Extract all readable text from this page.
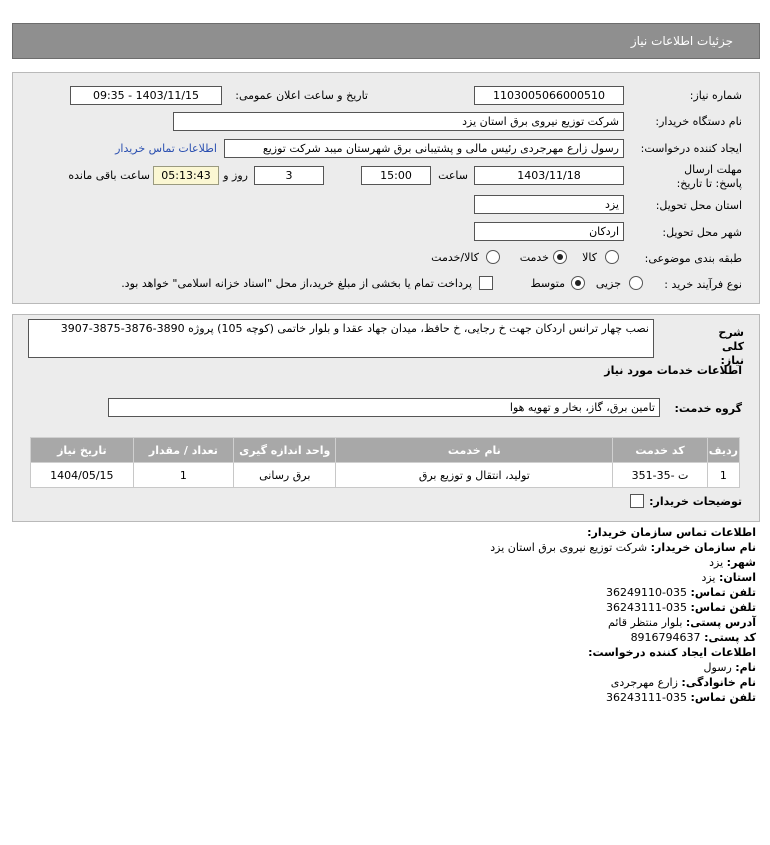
جزئیات اطلاعات نیاز
شماره نیاز:
1103005066000510
تاریخ و ساعت اعلان عمومی:
1403/11/15 - 09:35
نام دستگاه خریدار:
شرکت توزیع نیروی برق استان یزد
ایجاد کننده درخواست:
رسول زارع مهرجردی رئیس مالی و پشتیبانی برق شهرستان میبد شرکت توزیع
اطلاعات تماس خریدار
مهلت ارسال پاسخ: تا تاریخ:
1403/11/18
ساعت
15:00
3
روز و
05:13:43
ساعت باقی مانده
استان محل تحویل:
یزد
شهر محل تحویل:
اردکان
طبقه بندی موضوعی:
کالا
خدمت
کالا/خدمت
نوع فرآیند خرید :
جزیی
متوسط
پرداخت تمام یا بخشی از مبلغ خرید،از محل "اسناد خزانه اسلامی" خواهد بود.
شرح کلی نیاز:
نصب چهار ترانس اردکان جهت خ رجایی، خ حافظ، میدان جهاد عقدا و بلوار خاتمی (کوچه 105) پروژه 3890-3876-3875-3907
اطلاعات خدمات مورد نیاز
گروه خدمت:
تامین برق، گاز، بخار و تهویه هوا
ردیف	کد خدمت	نام خدمت	واحد اندازه گیری	تعداد / مقدار	تاریخ نیاز
1	ت -35-351	تولید، انتقال و توزیع برق	برق رسانی	1	1404/05/15
توضیحات خریدار:
اطلاعات تماس سازمان خریدار:
نام سازمان خریدار: شرکت توزیع نیروی برق استان یزد
شهر: یزد
استان: یزد
تلفن تماس: 035-36249110
تلفن تماس: 035-36243111
آدرس پستی: بلوار منتظر قائم
کد پستی: 8916794637
اطلاعات ایجاد کننده درخواست:
نام: رسول
نام خانوادگی: زارع مهرجردی
تلفن تماس: 035-36243111
